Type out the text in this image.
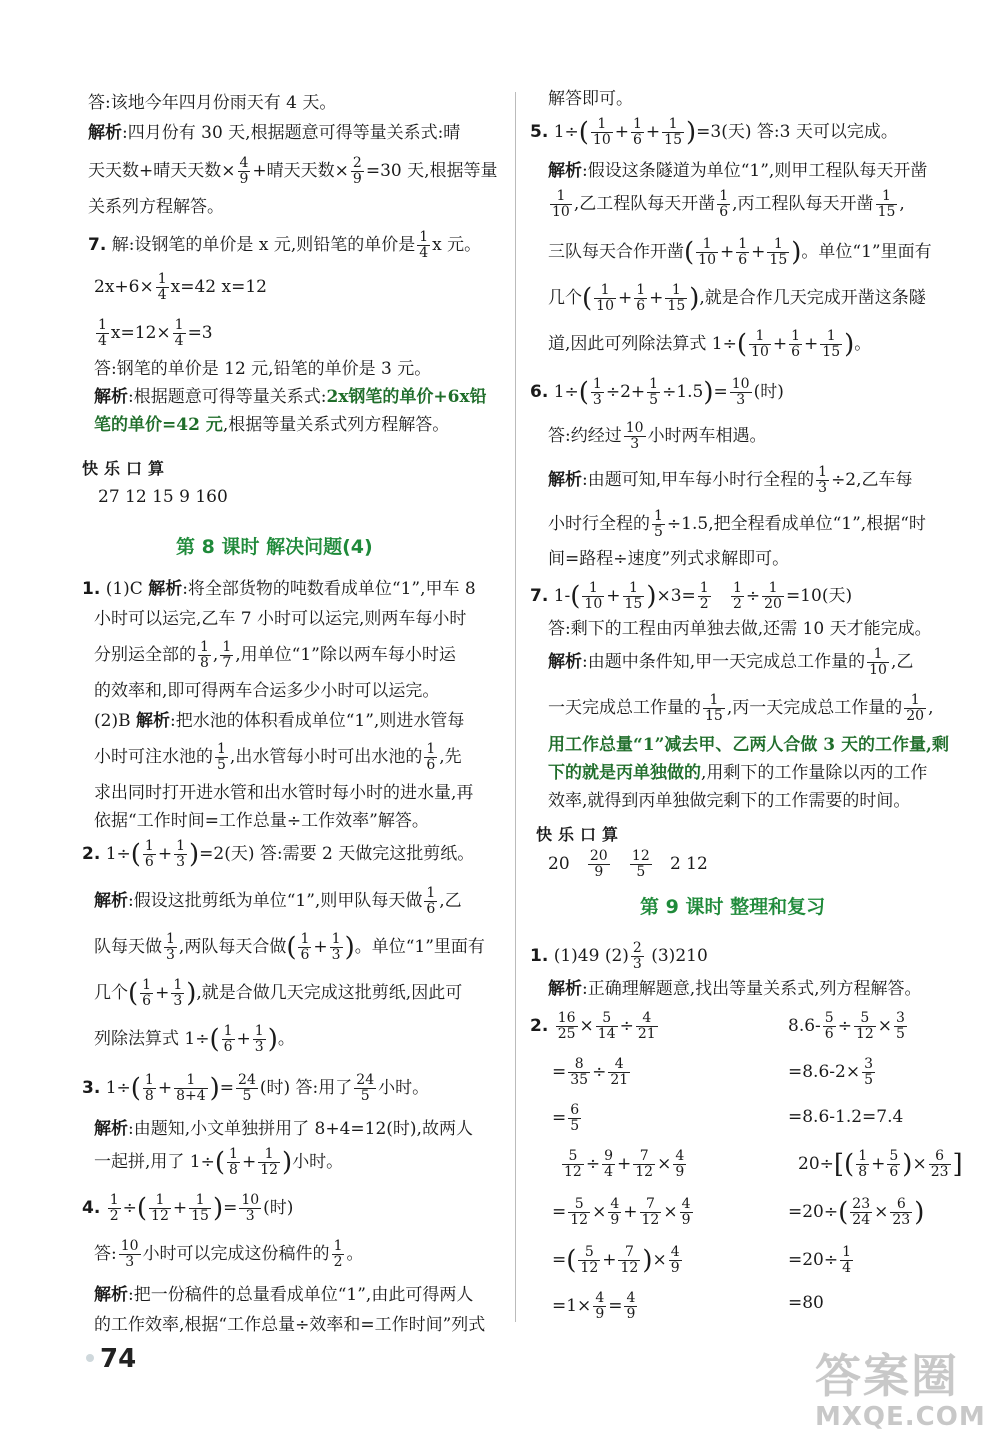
答:该地今年四月份雨天有 4 天。
解析:四月份有 30 天,根据题意可得等量关系式:晴
天天数+晴天天数× $\frac{4}{9}$ +晴天天数× $\frac{2}{9} =30$ 天,根据等量
关系列方程解答。
7. 解:设钢笔的单价是 x 元,则铅笔的单价是 $\frac{1}{4}$ x 元。
$2x+6\times \frac{1}{4} x=42$ x=12
$\frac{1}{4} x=12\times \frac{1}{4} =3$
答:钢笔的单价是 12 元,铅笔的单价是 3 元。
解析:根据题意可得等量关系式:2x钢笔的单价+6x铅
笔的单价=42 元,根据等量关系式列方程解答。
快乐口算
27 12 15 9 160
第 8 课时 解决问题(4)
1. (1)C 解析:将全部货物的吨数看成单位“1”,甲车 8
小时可以运完,乙车 7 小时可以运完,则两车每小时
分别运全部的 $\frac{1}{8}$ , $\frac{1}{7}$ ,用单位“1”除以两车每小时运
的效率和,即可得两车合运多少小时可以运完。
(2)B 解析:把水池的体积看成单位“1”,则进水管每
小时可注水池的 $\frac{1}{5}$ ,出水管每小时可出水池的 $\frac{1}{6}$ ,先
求出同时打开进水管和出水管时每小时的进水量,再
依据“工作时间=工作总量÷工作效率”解答。
2. $1\div( \frac{1}{6} + \frac{1}{3} )=2$(天) 答:需要 2 天做完这批剪纸。
解析:假设这批剪纸为单位“1”,则甲队每天做 $\frac{1}{6}$ ,乙
队每天做 $\frac{1}{3}$ ,两队每天合做( $\frac{1}{6} + \frac{1}{3}$ )。单位“1”里面有
几个( $\frac{1}{6} + \frac{1}{3}$ ),就是合做几天完成这批剪纸,因此可
列除法算式 $1\div( \frac{1}{6} + \frac{1}{3}$ )。
3. $1\div( \frac{1}{8} + \frac{1}{8+4}$ )= $\frac{24}{5}$ (时) 答:用了 $\frac{24}{5}$ 小时。
解析:由题知,小文单独拼用了 8+4=12(时),故两人
一起拼,用了 $1\div( \frac{1}{8} + \frac{1}{12}$ )小时。
4. $\frac{1}{2}$ ÷( $\frac{1}{12} + \frac{1}{15}$ )= $\frac{10}{3}$ (时)
答: $\frac{10}{3}$ 小时可以完成这份稿件的 $\frac{1}{2}$ 。
解析:把一份稿件的总量看成单位“1”,由此可得两人
的工作效率,根据“工作总量÷效率和=工作时间”列式
解答即可。
5. $1\div( \frac{1}{10} + \frac{1}{6} + \frac{1}{15} )=3$(天) 答:3 天可以完成。
解析:假设这条隧道为单位“1”,则甲工程队每天开凿
$\frac{1}{10}$ ,乙工程队每天开凿 $\frac{1}{6}$ ,丙工程队每天开凿 $\frac{1}{15}$ ,
三队每天合作开凿( $\frac{1}{10} + \frac{1}{6} + \frac{1}{15}$ )。单位“1”里面有
几个( $\frac{1}{10} + \frac{1}{6} + \frac{1}{15}$ ),就是合作几天完成开凿这条隧
道,因此可列除法算式 $1\div( \frac{1}{10} + \frac{1}{6} + \frac{1}{15}$ )。
6. $1\div( \frac{1}{3} \div 2+ \frac{1}{5} \div 1.5)= \frac{10}{3}$ (时)
答:约经过 $\frac{10}{3}$ 小时两车相遇。
解析:由题可知,甲车每小时行全程的 $\frac{1}{3} \div 2$,乙车每
小时行全程的 $\frac{1}{5} \div 1.5$,把全程看成单位“1”,根据“时
间=路程÷速度”列式求解即可。
7. $1-( \frac{1}{10} + \frac{1}{15} )\times 3= \frac{1}{2}$
$\frac{1}{2} \div \frac{1}{20} =10$(天)
答:剩下的工程由丙单独去做,还需 10 天才能完成。
解析:由题中条件知,甲一天完成总工作量的 $\frac{1}{10}$ ,乙
一天完成总工作量的 $\frac{1}{15}$ ,丙一天完成总工作量的 $\frac{1}{20}$ ,
用工作总量“1”减去甲、乙两人合做 3 天的工作量,剩
下的就是丙单独做的,用剩下的工作量除以丙的工作
效率,就得到丙单独做完剩下的工作需要的时间。
快乐口算
$20 \frac{20}{9}$
$\frac{12}{5} 2$ 12
第 9 课时 整理和复习
1. (1)49 $(2) \frac{2}{3} (3)210$
解析:正确理解题意,找出等量关系式,列方程解答。
2. $\frac{16}{25} \times \frac{5}{14} \div \frac{4}{21}$	$8.6- \frac{5}{6} \div \frac{5}{12} \times \frac{3}{5}$
= $\frac{8}{35} \div \frac{4}{21}$	$=8.6-2\times \frac{3}{5}$
= $\frac{6}{5}$	=8.6-1.2=7.4
$\frac{5}{12} \div \frac{9}{4} + \frac{7}{12} \times \frac{4}{9}$	$20\div[( \frac{1}{8} + \frac{5}{6}$ )× $\frac{6}{23}$ ]
= $\frac{5}{12} \times \frac{4}{9} + \frac{7}{12} \times \frac{4}{9}$	$=20\div( \frac{23}{24} \times \frac{6}{23}$ )
=( $\frac{5}{12} + \frac{7}{12}$ )× $\frac{4}{9}$	$=20\div \frac{1}{4}$
$=1\times \frac{4}{9} = \frac{4}{9}$	=80
74	答案圈
MXQE.COM
